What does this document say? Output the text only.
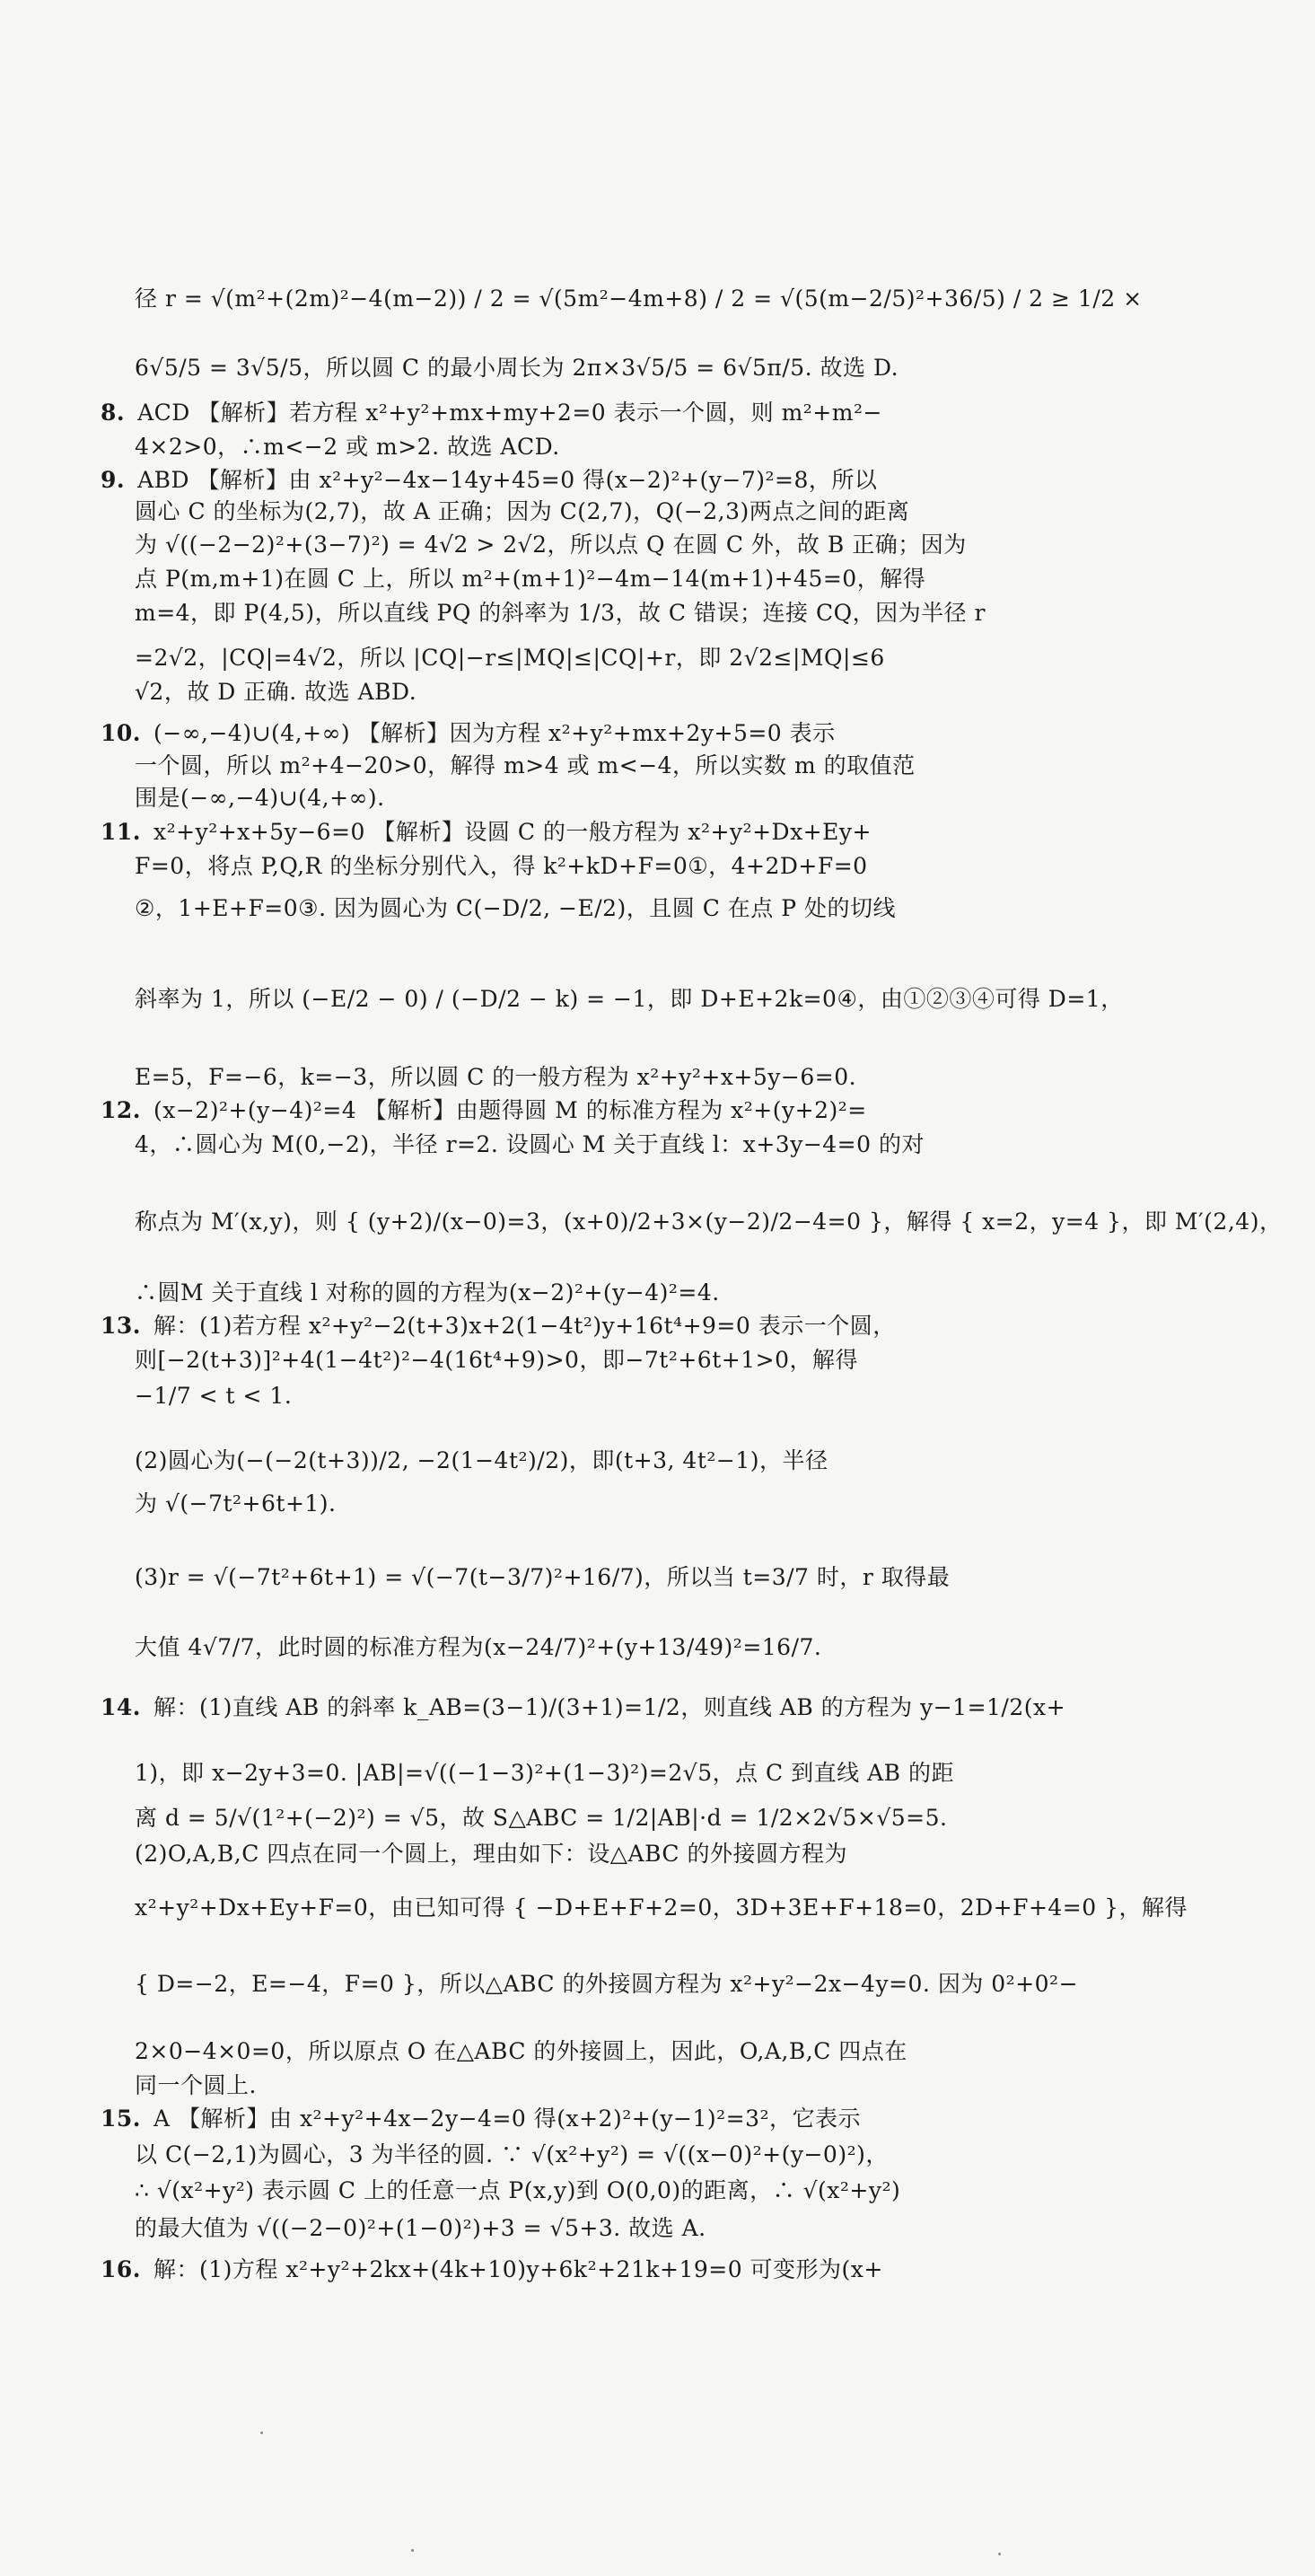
径 r = √(m²+(2m)²−4(m−2)) / 2 = √(5m²−4m+8) / 2 = √(5(m−2/5)²+36/5) / 2 ≥ 1/2 ×
6√5/5 = 3√5/5，所以圆 C 的最小周长为 2π×3√5/5 = 6√5π/5. 故选 D.
8. ACD 【解析】若方程 x²+y²+mx+my+2=0 表示一个圆，则 m²+m²−
4×2>0，∴m<−2 或 m>2. 故选 ACD.
9. ABD 【解析】由 x²+y²−4x−14y+45=0 得(x−2)²+(y−7)²=8，所以
圆心 C 的坐标为(2,7)，故 A 正确；因为 C(2,7)，Q(−2,3)两点之间的距离
为 √((−2−2)²+(3−7)²) = 4√2 > 2√2，所以点 Q 在圆 C 外，故 B 正确；因为
点 P(m,m+1)在圆 C 上，所以 m²+(m+1)²−4m−14(m+1)+45=0，解得
m=4，即 P(4,5)，所以直线 PQ 的斜率为 1/3，故 C 错误；连接 CQ，因为半径 r
=2√2，|CQ|=4√2，所以 |CQ|−r≤|MQ|≤|CQ|+r，即 2√2≤|MQ|≤6
√2，故 D 正确. 故选 ABD.
10. (−∞,−4)∪(4,+∞) 【解析】因为方程 x²+y²+mx+2y+5=0 表示
一个圆，所以 m²+4−20>0，解得 m>4 或 m<−4，所以实数 m 的取值范
围是(−∞,−4)∪(4,+∞).
11. x²+y²+x+5y−6=0 【解析】设圆 C 的一般方程为 x²+y²+Dx+Ey+
F=0，将点 P,Q,R 的坐标分别代入，得 k²+kD+F=0①，4+2D+F=0
②，1+E+F=0③. 因为圆心为 C(−D/2, −E/2)，且圆 C 在点 P 处的切线
斜率为 1，所以 (−E/2 − 0) / (−D/2 − k) = −1，即 D+E+2k=0④，由①②③④可得 D=1，
E=5，F=−6，k=−3，所以圆 C 的一般方程为 x²+y²+x+5y−6=0.
12. (x−2)²+(y−4)²=4 【解析】由题得圆 M 的标准方程为 x²+(y+2)²=
4，∴圆心为 M(0,−2)，半径 r=2. 设圆心 M 关于直线 l：x+3y−4=0 的对
称点为 M′(x,y)，则 { (y+2)/(x−0)=3，(x+0)/2+3×(y−2)/2−4=0 }，解得 { x=2，y=4 }，即 M′(2,4)，
∴圆M 关于直线 l 对称的圆的方程为(x−2)²+(y−4)²=4.
13. 解：(1)若方程 x²+y²−2(t+3)x+2(1−4t²)y+16t⁴+9=0 表示一个圆，
则[−2(t+3)]²+4(1−4t²)²−4(16t⁴+9)>0，即−7t²+6t+1>0，解得
−1/7 < t < 1.
(2)圆心为(−(−2(t+3))/2, −2(1−4t²)/2)，即(t+3, 4t²−1)，半径
为 √(−7t²+6t+1).
(3)r = √(−7t²+6t+1) = √(−7(t−3/7)²+16/7)，所以当 t=3/7 时，r 取得最
大值 4√7/7，此时圆的标准方程为(x−24/7)²+(y+13/49)²=16/7.
14. 解：(1)直线 AB 的斜率 k_AB=(3−1)/(3+1)=1/2，则直线 AB 的方程为 y−1=1/2(x+
1)，即 x−2y+3=0. |AB|=√((−1−3)²+(1−3)²)=2√5，点 C 到直线 AB 的距
离 d = 5/√(1²+(−2)²) = √5，故 S△ABC = 1/2|AB|·d = 1/2×2√5×√5=5.
(2)O,A,B,C 四点在同一个圆上，理由如下：设△ABC 的外接圆方程为
x²+y²+Dx+Ey+F=0，由已知可得 { −D+E+F+2=0，3D+3E+F+18=0，2D+F+4=0 }，解得
{ D=−2，E=−4，F=0 }，所以△ABC 的外接圆方程为 x²+y²−2x−4y=0. 因为 0²+0²−
2×0−4×0=0，所以原点 O 在△ABC 的外接圆上，因此，O,A,B,C 四点在
同一个圆上.
15. A 【解析】由 x²+y²+4x−2y−4=0 得(x+2)²+(y−1)²=3²，它表示
以 C(−2,1)为圆心，3 为半径的圆. ∵ √(x²+y²) = √((x−0)²+(y−0)²)，
∴ √(x²+y²) 表示圆 C 上的任意一点 P(x,y)到 O(0,0)的距离，∴ √(x²+y²)
的最大值为 √((−2−0)²+(1−0)²)+3 = √5+3. 故选 A.
16. 解：(1)方程 x²+y²+2kx+(4k+10)y+6k²+21k+19=0 可变形为(x+
